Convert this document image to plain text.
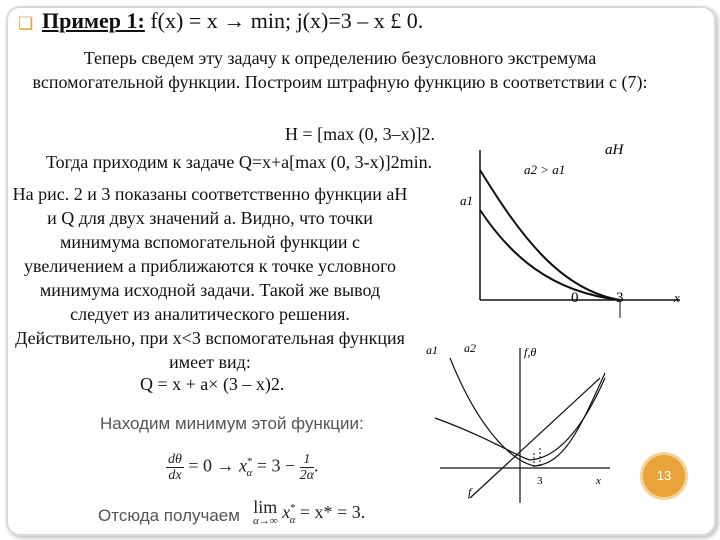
❏ Пример 1: f(x) = x → min; j(x)=3 – x £ 0.
Теперь сведем эту задачу к определению безусловного экстремума вспомогательной функции. Построим штрафную функцию в соответствии с (7):
H = [max (0, 3–x)]2.
Тогда приходим к задаче Q=x+a[max (0, 3-x)]2min.
На рис. 2 и 3 показаны соответственно функции aH и Q для двух значений a. Видно, что точки минимума вспомогательной функции с увеличением a приближаются к точке условного минимума исходной задачи. Такой же вывод следует из аналитического решения. Действительно, при x<3 вспомогательная функция имеет вид:
Q = x + a× (3 – x)2.
Находим минимум этой функции:
$\frac{d\theta}{dx} = 0 \to x^*_\alpha = 3 - \frac{1}{2\alpha}$.
Отсюда получаем lim
α→∞ $x^*_\alpha = x* = 3$.
aH
a2 > a1
a1
0	3	x
a1 a2	f,θ
3	x
f
13
